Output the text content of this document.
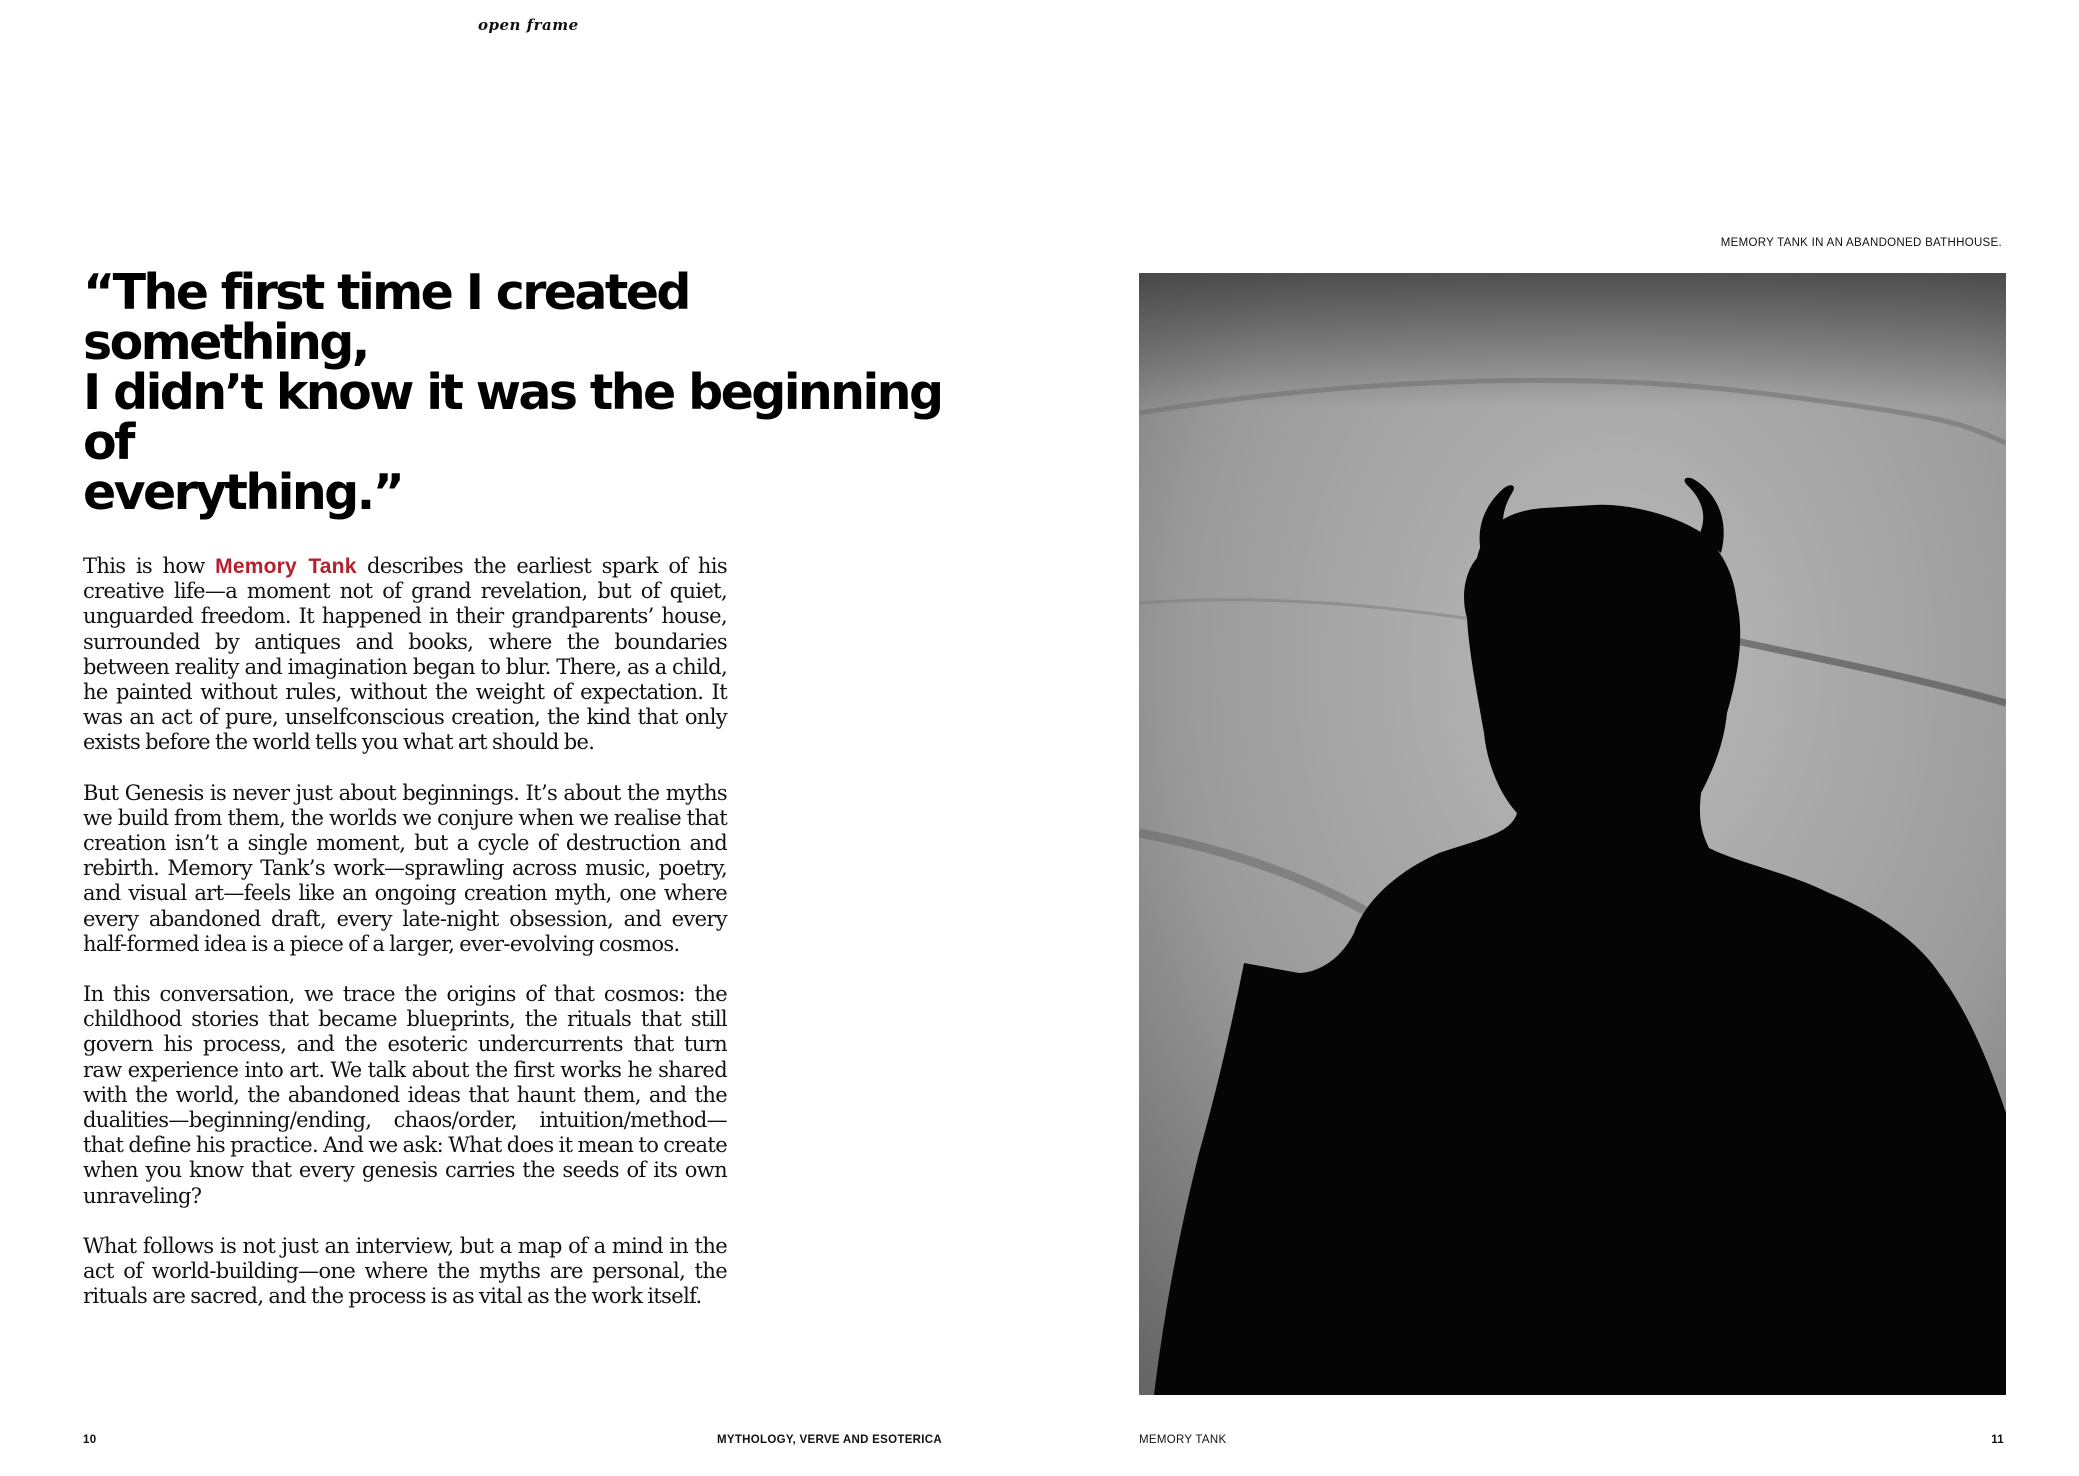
open frame
“The first time I created something,
I didn’t know it was the beginning of
everything.”

This is how Memory Tank describes the earliest spark of his creative life—a moment not of grand revelation, but of quiet, unguarded freedom. It happened in their grandparents’ house, surrounded by antiques and books, where the boundaries between reality and imagination began to blur. There, as a child, he painted without rules, without the weight of expectation. It was an act of pure, unselfconscious creation, the kind that only exists before the world tells you what art should be.

But Genesis is never just about beginnings. It’s about the myths we build from them, the worlds we conjure when we realise that creation isn’t a single moment, but a cycle of destruction and rebirth. Memory Tank’s work—sprawling across music, poetry, and visual art—feels like an ongoing creation myth, one where every abandoned draft, every late-night obsession, and every half-formed idea is a piece of a larger, ever-evolving cosmos.

In this conversation, we trace the origins of that cosmos: the childhood stories that became blueprints, the rituals that still govern his process, and the esoteric undercurrents that turn raw experience into art. We talk about the first works he shared with the world, the abandoned ideas that haunt them, and the dualities—beginning/ending, chaos/order, intuition/method—that define his practice. And we ask: What does it mean to create when you know that every genesis carries the seeds of its own unraveling?

What follows is not just an interview, but a map of a mind in the act of world-building—one where the myths are personal, the rituals are sacred, and the process is as vital as the work itself.

MEMORY TANK IN AN ABANDONED BATHHOUSE.
10	MYTHOLOGY, VERVE AND ESOTERICA	MEMORY TANK	11
